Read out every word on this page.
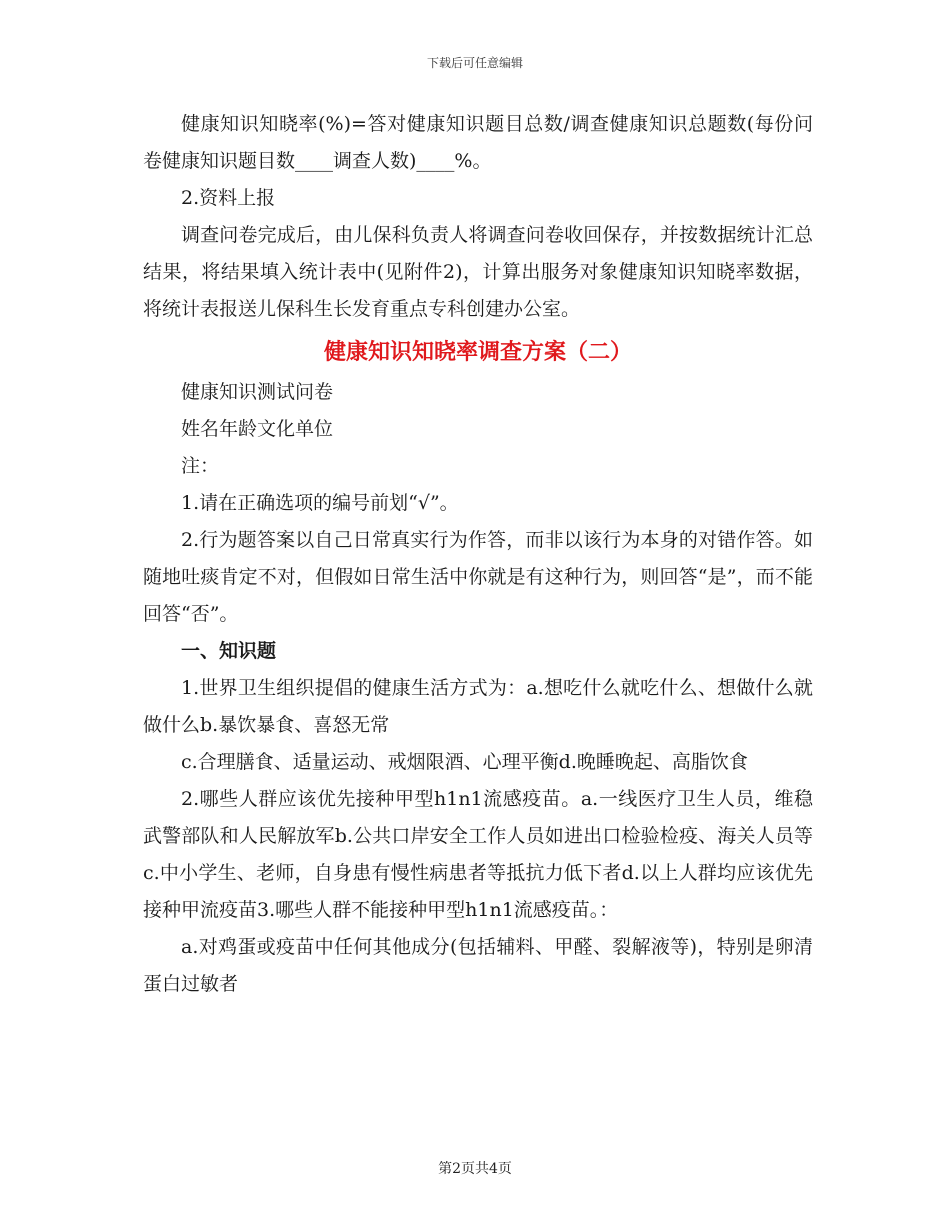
下载后可任意编辑

健康知识知晓率(%)=答对健康知识题目总数/调查健康知识总题数(每份问卷健康知识题目数____调查人数)____%。

2.资料上报

调查问卷完成后，由儿保科负责人将调查问卷收回保存，并按数据统计汇总结果，将结果填入统计表中(见附件2)，计算出服务对象健康知识知晓率数据，将统计表报送儿保科生长发育重点专科创建办公室。

健康知识知晓率调查方案（二）

健康知识测试问卷

姓名年龄文化单位

注：

1.请在正确选项的编号前划“√”。

2.行为题答案以自己日常真实行为作答，而非以该行为本身的对错作答。如随地吐痰肯定不对，但假如日常生活中你就是有这种行为，则回答“是”，而不能回答“否”。

一、知识题

1.世界卫生组织提倡的健康生活方式为：a.想吃什么就吃什么、想做什么就做什么b.暴饮暴食、喜怒无常

c.合理膳食、适量运动、戒烟限酒、心理平衡d.晚睡晚起、高脂饮食

2.哪些人群应该优先接种甲型h1n1流感疫苗。a.一线医疗卫生人员，维稳武警部队和人民解放军b.公共口岸安全工作人员如进出口检验检疫、海关人员等c.中小学生、老师，自身患有慢性病患者等抵抗力低下者d.以上人群均应该优先接种甲流疫苗3.哪些人群不能接种甲型h1n1流感疫苗。：

a.对鸡蛋或疫苗中任何其他成分(包括辅料、甲醛、裂解液等)，特别是卵清蛋白过敏者

第2页共4页
